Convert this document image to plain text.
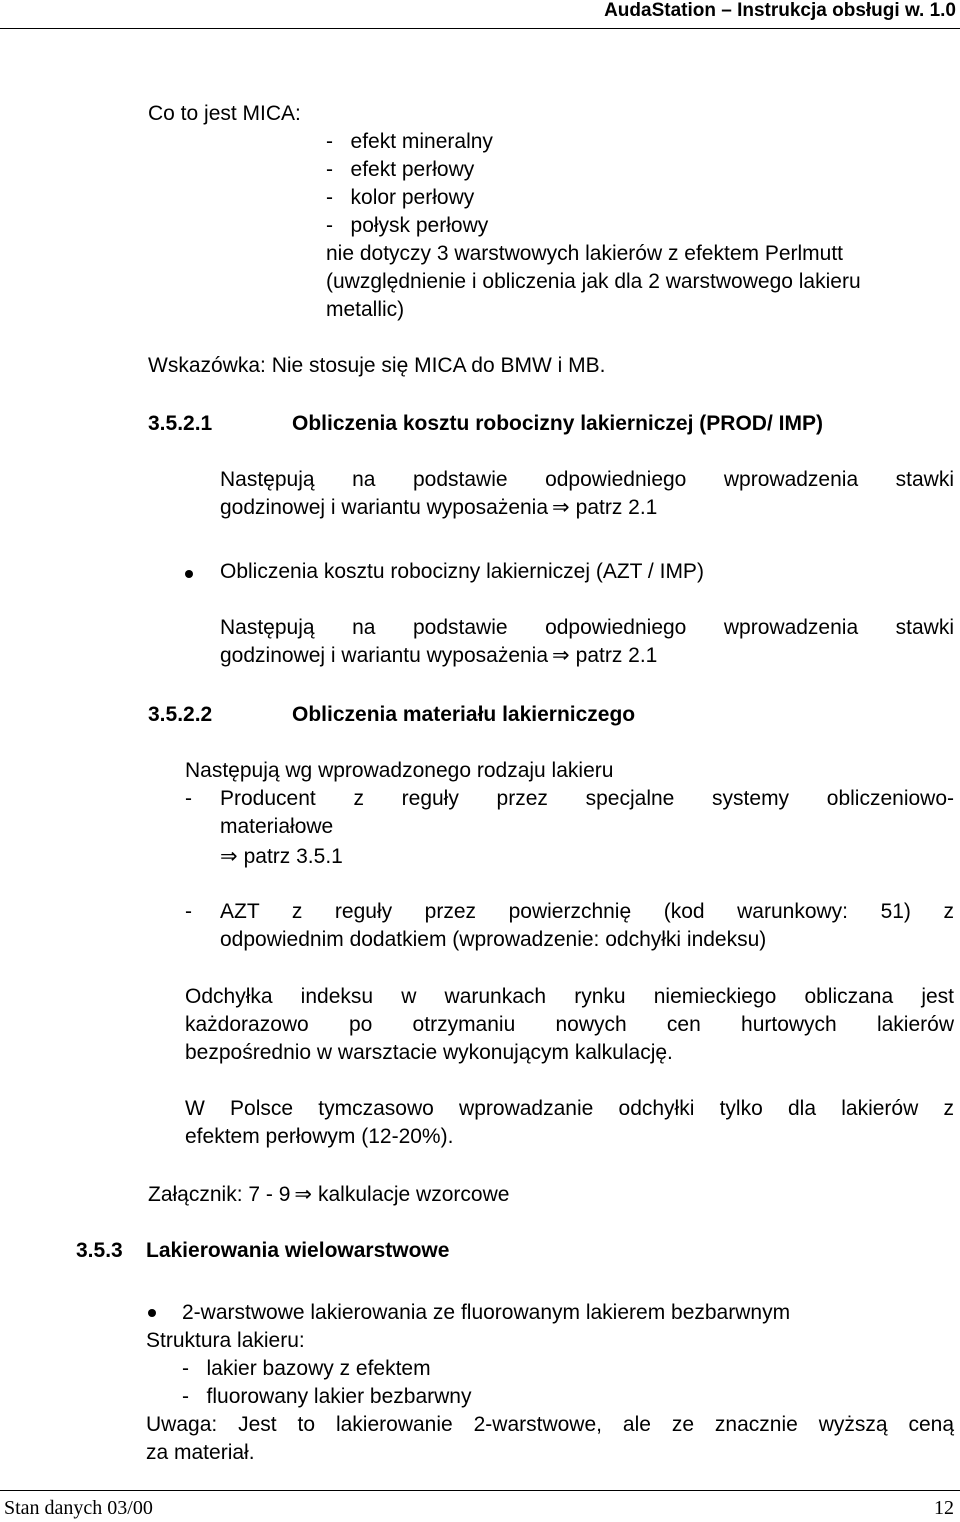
AudaStation – Instrukcja obsługi w. 1.0
Co to jest MICA:
- efekt mineralny
- efekt perłowy
- kolor perłowy
- połysk perłowy
nie dotyczy 3 warstwowych lakierów z efektem Perlmutt
(uwzględnienie i obliczenia jak dla 2 warstwowego lakieru
metallic)
Wskazówka: Nie stosuje się MICA do BMW i MB.
3.5.2.1	Obliczenia kosztu robocizny lakierniczej (PROD/ IMP)
Następują na podstawie odpowiedniego wprowadzenia stawki
godzinowej i wariantu wyposażenia ⇒ patrz 2.1
Obliczenia kosztu robocizny lakierniczej (AZT / IMP)
Następują na podstawie odpowiedniego wprowadzenia stawki
godzinowej i wariantu wyposażenia ⇒ patrz 2.1
3.5.2.2	Obliczenia materiału lakierniczego
Następują wg wprowadzonego rodzaju lakieru
- Producent z reguły przez specjalne systemy obliczeniowo-
materiałowe
⇒ patrz 3.5.1
- AZT z reguły przez powierzchnię (kod warunkowy: 51) z
odpowiednim dodatkiem (wprowadzenie: odchyłki indeksu)
Odchyłka indeksu w warunkach rynku niemieckiego obliczana jest
każdorazowo po otrzymaniu nowych cen hurtowych lakierów
bezpośrednio w warsztacie wykonującym kalkulację.
W Polsce tymczasowo wprowadzanie odchyłki tylko dla lakierów z
efektem perłowym (12-20%).
Załącznik: 7 - 9 ⇒ kalkulacje wzorcowe
3.5.3 Lakierowania wielowarstwowe
2-warstwowe lakierowania ze fluorowanym lakierem bezbarwnym
Struktura lakieru:
- lakier bazowy z efektem
- fluorowany lakier bezbarwny
Uwaga: Jest to lakierowanie 2-warstwowe, ale ze znacznie wyższą ceną
za materiał.
Stan danych 03/00	12
